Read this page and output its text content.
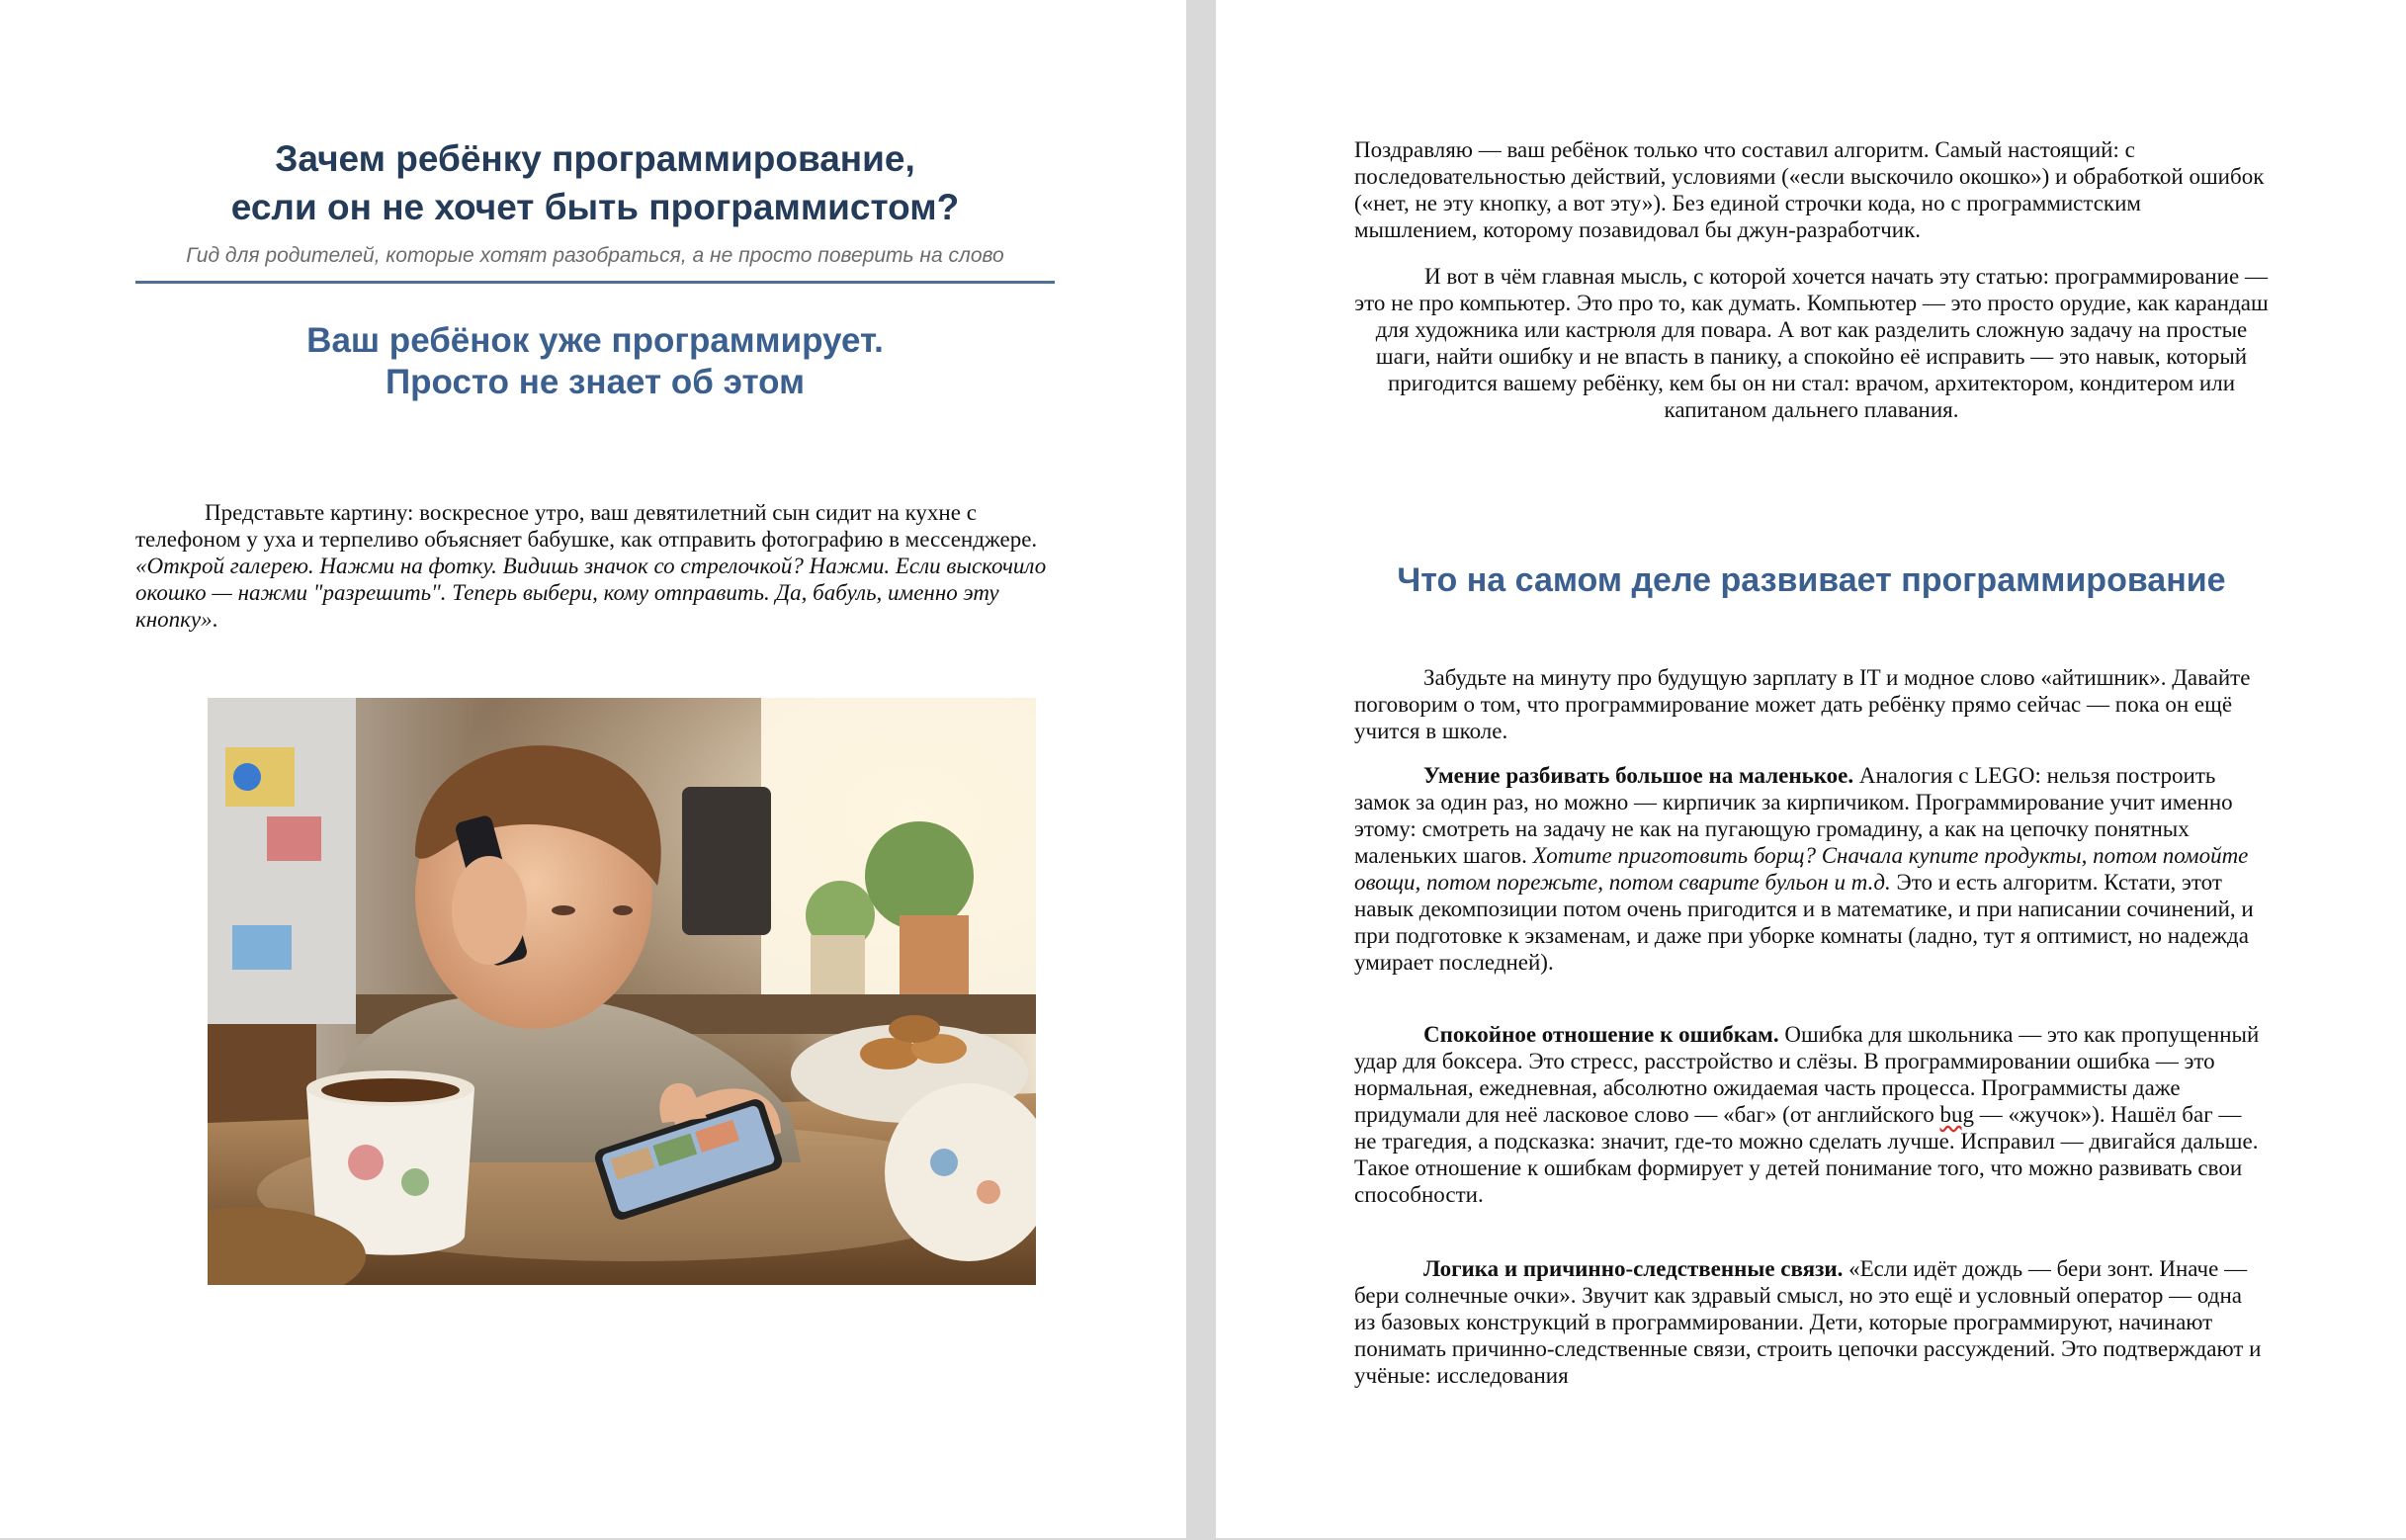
Зачем ребёнку программирование,
если он не хочет быть программистом?

Гид для родителей, которые хотят разобраться, а не просто поверить на слово

Ваш ребёнок уже программирует.
Просто не знает об этом

Представьте картину: воскресное утро, ваш девятилетний сын сидит на кухне с телефоном у уха и терпеливо объясняет бабушке, как отправить фотографию в мессенджере. «Открой галерею. Нажми на фотку. Видишь значок со стрелочкой? Нажми. Если выскочило окошко — нажми "разрешить". Теперь выбери, кому отправить. Да, бабуль, именно эту кнопку».

Поздравляю — ваш ребёнок только что составил алгоритм. Самый настоящий: с последовательностью действий, условиями («если выскочило окошко») и обработкой ошибок («нет, не эту кнопку, а вот эту»). Без единой строчки кода, но с программистским мышлением, которому позавидовал бы джун-разработчик.

И вот в чём главная мысль, с которой хочется начать эту статью: программирование — это не про компьютер. Это про то, как думать. Компьютер — это просто орудие, как карандаш для художника или кастрюля для повара. А вот как разделить сложную задачу на простые шаги, найти ошибку и не впасть в панику, а спокойно её исправить — это навык, который пригодится вашему ребёнку, кем бы он ни стал: врачом, архитектором, кондитером или капитаном дальнего плавания.

Что на самом деле развивает программирование

Забудьте на минуту про будущую зарплату в IT и модное слово «айтишник». Давайте поговорим о том, что программирование может дать ребёнку прямо сейчас — пока он ещё учится в школе.

Умение разбивать большое на маленькое. Аналогия с LEGO: нельзя построить замок за один раз, но можно — кирпичик за кирпичиком. Программирование учит именно этому: смотреть на задачу не как на пугающую громадину, а как на цепочку понятных маленьких шагов. Хотите приготовить борщ? Сначала купите продукты, потом помойте овощи, потом порежьте, потом сварите бульон и т.д. Это и есть алгоритм. Кстати, этот навык декомпозиции потом очень пригодится и в математике, и при написании сочинений, и при подготовке к экзаменам, и даже при уборке комнаты (ладно, тут я оптимист, но надежда умирает последней).

Спокойное отношение к ошибкам. Ошибка для школьника — это как пропущенный удар для боксера. Это стресс, расстройство и слёзы. В программировании ошибка — это нормальная, ежедневная, абсолютно ожидаемая часть процесса. Программисты даже придумали для неё ласковое слово — «баг» (от английского bug — «жучок»). Нашёл баг — не трагедия, а подсказка: значит, где-то можно сделать лучше. Исправил — двигайся дальше. Такое отношение к ошибкам формирует у детей понимание того, что можно развивать свои способности.

Логика и причинно-следственные связи. «Если идёт дождь — бери зонт. Иначе — бери солнечные очки». Звучит как здравый смысл, но это ещё и условный оператор — одна из базовых конструкций в программировании. Дети, которые программируют, начинают понимать причинно-следственные связи, строить цепочки рассуждений. Это подтверждают и учёные: исследования
